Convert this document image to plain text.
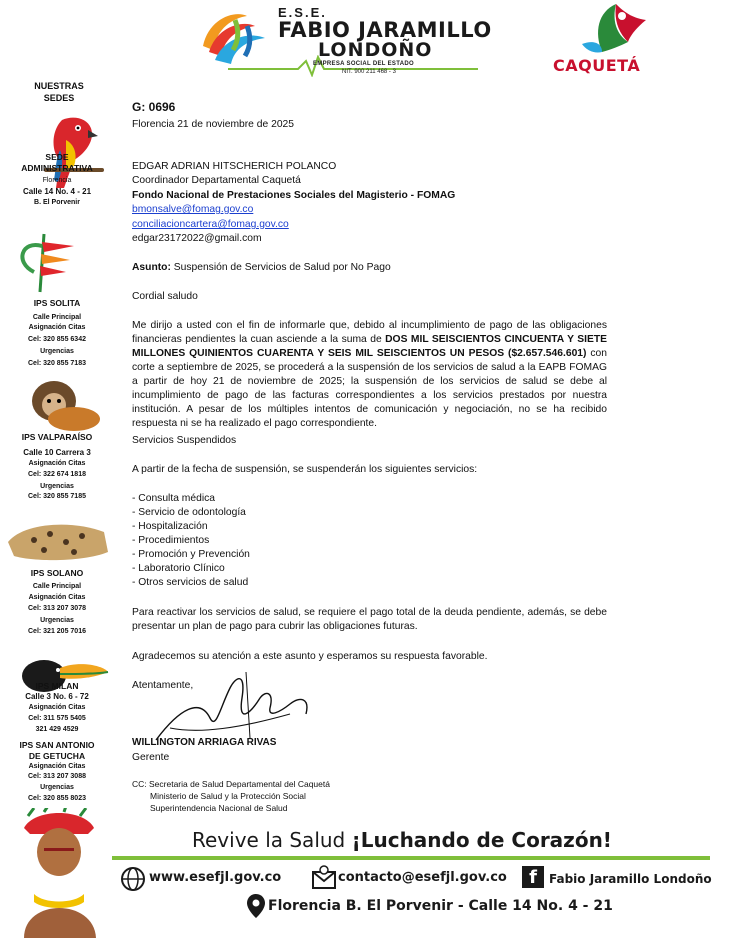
E.S.E.
FABIO JARAMILLO
LONDOÑO
EMPRESA SOCIAL DEL ESTADO
NIT. 900 211 468 - 3	CAQUETÁ
NUESTRAS
SEDES
SEDE
ADMINISTRATIVA
Florencia
Calle 14 No. 4 - 21
B. El Porvenir
IPS SOLITA
Calle Principal
Asignación Citas
Cel: 320 855 6342
Urgencias
Cel: 320 855 7183
IPS VALPARAÍSO
Calle 10 Carrera 3
Asignación Citas
Cel: 322 674 1818
Urgencias
Cel: 320 855 7185
IPS SOLANO
Calle Principal
Asignación Citas
Cel: 313 207 3078
Urgencias
Cel: 321 205 7016
IPS MILAN
Calle 3 No. 6 - 72
Asignación Citas
Cel: 311 575 5405
321 429 4529
IPS SAN ANTONIO
DE GETUCHA
Asignación Citas
Cel: 313 207 3088
Urgencias
Cel: 320 855 8023
G: 0696
Florencia 21 de noviembre de 2025
EDGAR ADRIAN HITSCHERICH POLANCO
Coordinador Departamental Caquetá
Fondo Nacional de Prestaciones Sociales del Magisterio - FOMAG
bmonsalve@fomag.gov.co
conciliacioncartera@fomag.gov.co
edgar23172022@gmail.com
Asunto: Suspensión de Servicios de Salud por No Pago
Cordial saludo
Me dirijo a usted con el fin de informarle que, debido al incumplimiento de pago de las obligaciones financieras pendientes la cuan asciende a la suma de DOS MIL SEISCIENTOS CINCUENTA Y SIETE MILLONES QUINIENTOS CUARENTA Y SEIS MIL SEISCIENTOS UN PESOS ($2.657.546.601) con corte a septiembre de 2025, se procederá a la suspensión de los servicios de salud a la EAPB FOMAG a partir de hoy 21 de noviembre de 2025; la suspensión de los servicios de salud se debe al incumplimiento de pago de las facturas correspondientes a los servicios prestados por nuestra institución. A pesar de los múltiples intentos de comunicación y negociación, no se ha recibido respuesta ni se ha realizado el pago correspondiente.
Servicios Suspendidos
A partir de la fecha de suspensión, se suspenderán los siguientes servicios:
- Consulta médica
- Servicio de odontología
- Hospitalización
- Procedimientos
- Promoción y Prevención
- Laboratorio Clínico
- Otros servicios de salud
Para reactivar los servicios de salud, se requiere el pago total de la deuda pendiente, además, se debe presentar un plan de pago para cubrir las obligaciones futuras.
Agradecemos su atención a este asunto y esperamos su respuesta favorable.
Atentamente,
WILLINGTON ARRIAGA RIVAS
Gerente
CC: Secretaria de Salud Departamental del Caquetá
Ministerio de Salud y la Protección Social
Superintendencia Nacional de Salud
Revive la Salud ¡Luchando de Corazón!
www.esefjl.gov.co	contacto@esefjl.gov.co	f	Fabio Jaramillo Londoño
Florencia B. El Porvenir - Calle 14 No. 4 - 21
